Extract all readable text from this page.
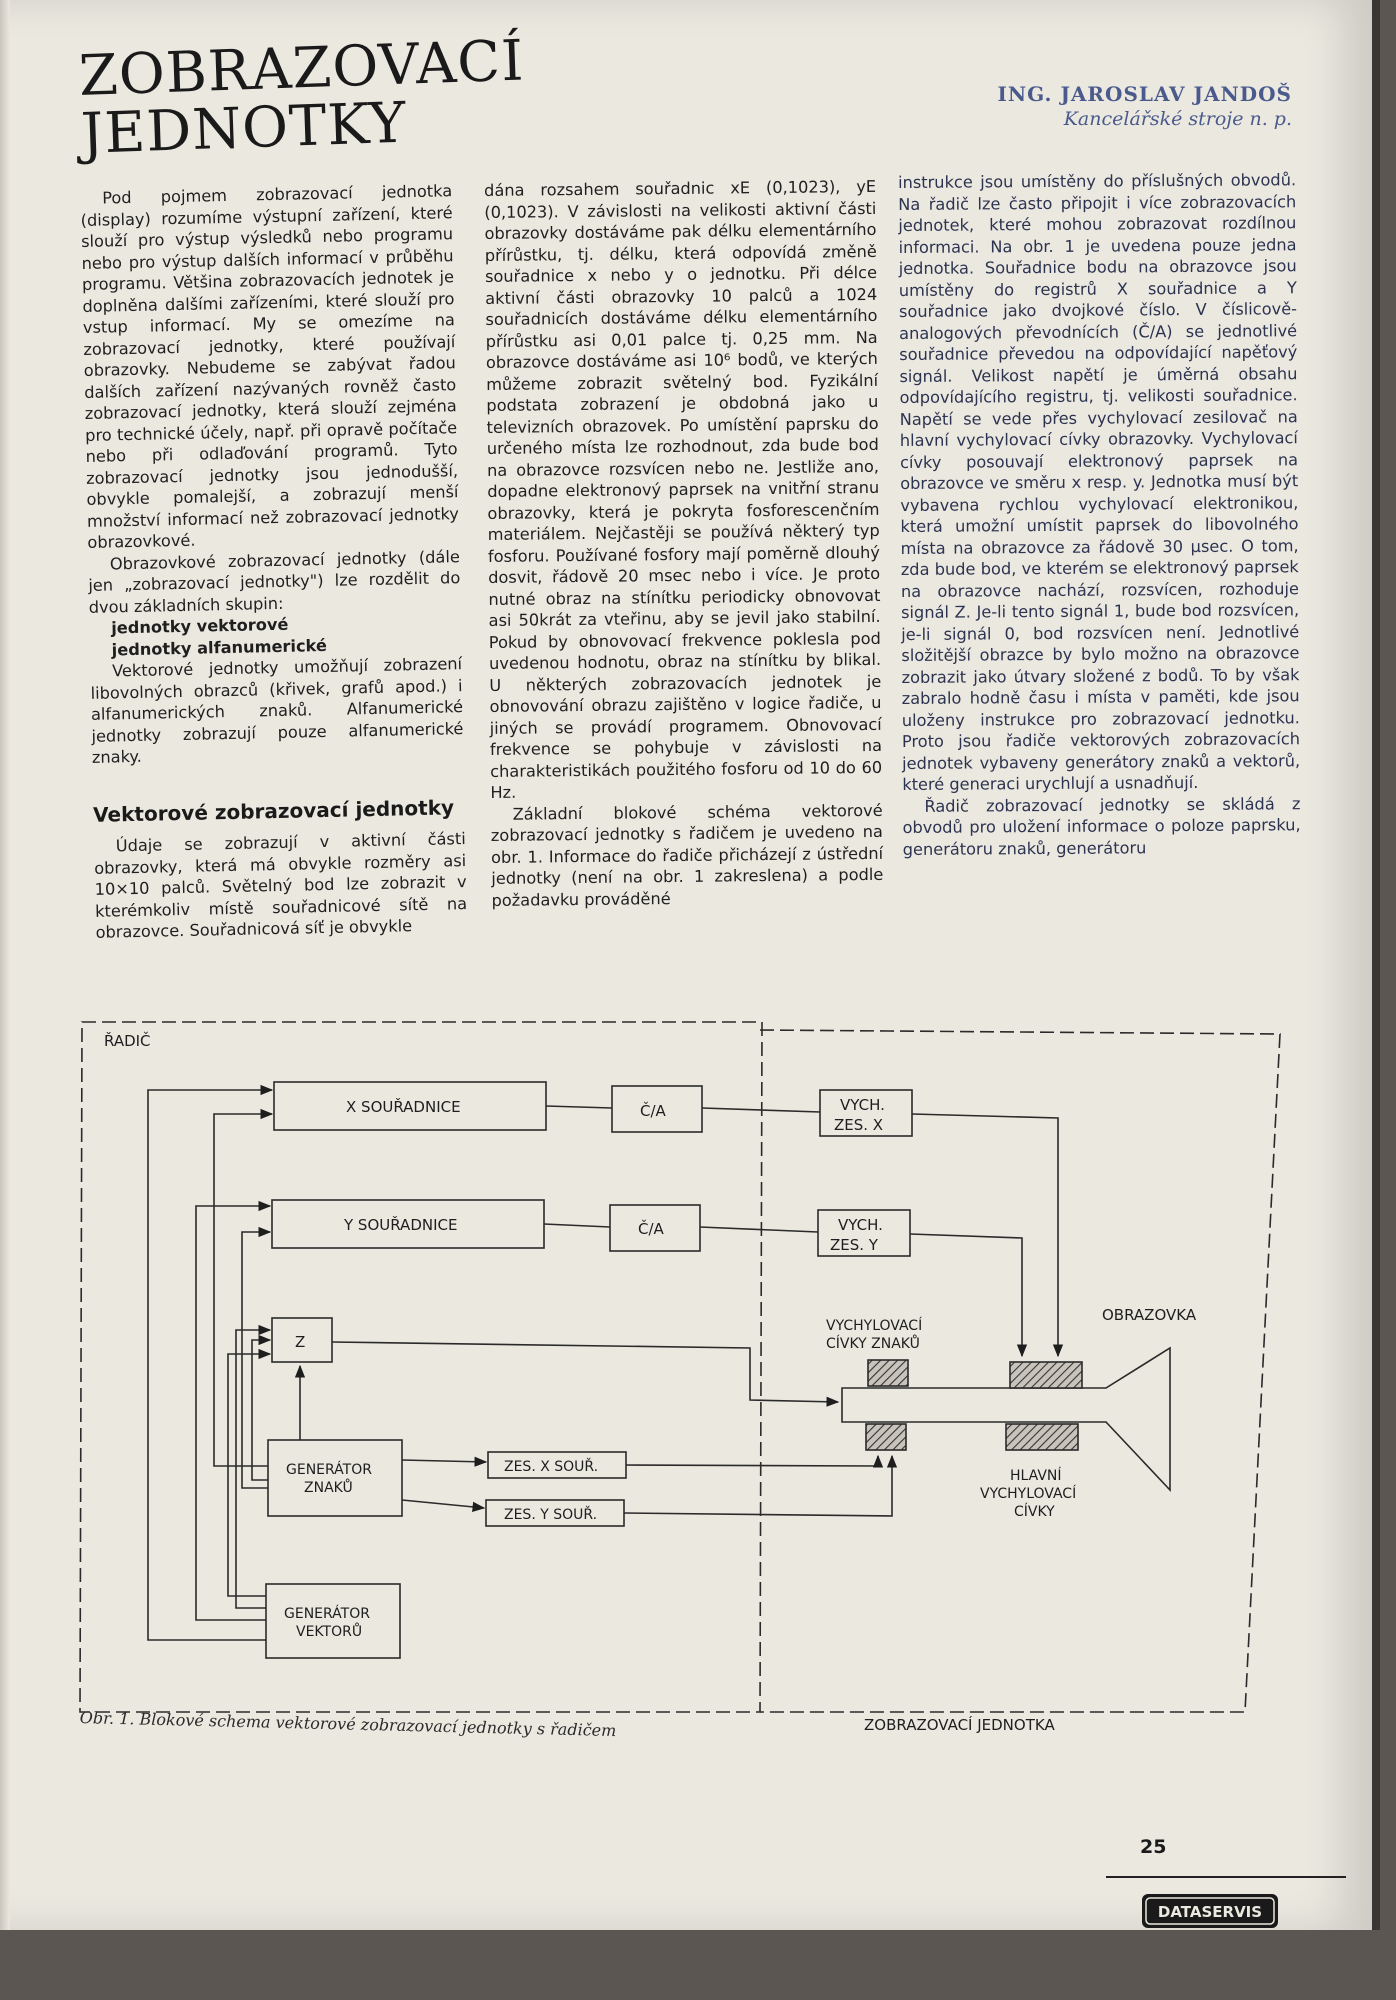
ZOBRAZOVACÍ
JEDNOTKY	ING. JAROSLAV JANDOŠ
Kancelářské stroje n. p.

Pod pojmem zobrazovací jednotka (display) rozumíme výstupní zařízení, které slouží pro výstup výsledků nebo programu nebo pro výstup dalších informací v průběhu programu. Většina zobrazovacích jednotek je doplněna dalšími zařízeními, které slouží pro vstup informací. My se omezíme na zobrazovací jednotky, které používají obrazovky. Nebudeme se zabývat řadou dalších zařízení nazývaných rovněž často zobrazovací jednotky, která slouží zejména pro technické účely, např. při opravě počítače nebo při odlaďování programů. Tyto zobrazovací jednotky jsou jednodušší, obvykle pomalejší, a zobrazují menší množství informací než zobrazovací jednotky obrazovkové.

Obrazovkové zobrazovací jednotky (dále jen „zobrazovací jednotky") lze rozdělit do dvou základních skupin:

jednotky vektorové
jednotky alfanumerické

Vektorové jednotky umožňují zobrazení libovolných obrazců (křivek, grafů apod.) i alfanumerických znaků. Alfanumerické jednotky zobrazují pouze alfanumerické znaky.

Vektorové zobrazovací jednotky

Údaje se zobrazují v aktivní části obrazovky, která má obvykle rozměry asi 10×10 palců. Světelný bod lze zobrazit v kterémkoliv místě souřadnicové sítě na obrazovce. Souřadnicová síť je obvykle

dána rozsahem souřadnic xE (0,1023), yE (0,1023). V závislosti na velikosti aktivní části obrazovky dostáváme pak délku elementárního přírůstku, tj. délku, která odpovídá změně souřadnice x nebo y o jednotku. Při délce aktivní části obrazovky 10 palců a 1024 souřadnicích dostáváme délku elementárního přírůstku asi 0,01 palce tj. 0,25 mm. Na obrazovce dostáváme asi 10⁶ bodů, ve kterých můžeme zobrazit světelný bod. Fyzikální podstata zobrazení je obdobná jako u televizních obrazovek. Po umístění paprsku do určeného místa lze rozhodnout, zda bude bod na obrazovce rozsvícen nebo ne. Jestliže ano, dopadne elektronový paprsek na vnitřní stranu obrazovky, která je pokryta fosforescenčním materiálem. Nejčastěji se používá některý typ fosforu. Používané fosfory mají poměrně dlouhý dosvit, řádově 20 msec nebo i více. Je proto nutné obraz na stínítku periodicky obnovovat asi 50krát za vteřinu, aby se jevil jako stabilní. Pokud by obnovovací frekvence poklesla pod uvedenou hodnotu, obraz na stínítku by blikal. U některých zobrazovacích jednotek je obnovování obrazu zajištěno v logice řadiče, u jiných se provádí programem. Obnovovací frekvence se pohybuje v závislosti na charakteristikách použitého fosforu od 10 do 60 Hz.

Základní blokové schéma vektorové zobrazovací jednotky s řadičem je uvedeno na obr. 1. Informace do řadiče přicházejí z ústřední jednotky (není na obr. 1 zakreslena) a podle požadavku prováděné

instrukce jsou umístěny do příslušných obvodů. Na řadič lze často připojit i více zobrazovacích jednotek, které mohou zobrazovat rozdílnou informaci. Na obr. 1 je uvedena pouze jedna jednotka. Souřadnice bodu na obrazovce jsou umístěny do registrů X souřadnice a Y souřadnice jako dvojkové číslo. V číslicově-analogových převodnících (Č/A) se jednotlivé souřadnice převedou na odpovídající napěťový signál. Velikost napětí je úměrná obsahu odpovídajícího registru, tj. velikosti souřadnice. Napětí se vede přes vychylovací zesilovač na hlavní vychylovací cívky obrazovky. Vychylovací cívky posouvají elektronový paprsek na obrazovce ve směru x resp. y. Jednotka musí být vybavena rychlou vychylovací elektronikou, která umožní umístit paprsek do libovolného místa na obrazovce za řádově 30 µsec. O tom, zda bude bod, ve kterém se elektronový paprsek na obrazovce nachází, rozsvícen, rozhoduje signál Z. Je-li tento signál 1, bude bod rozsvícen, je-li signál 0, bod rozsvícen není. Jednotlivé složitější obrazce by bylo možno na obrazovce zobrazit jako útvary složené z bodů. To by však zabralo hodně času i místa v paměti, kde jsou uloženy instrukce pro zobrazovací jednotku. Proto jsou řadiče vektorových zobrazovacích jednotek vybaveny generátory znaků a vektorů, které generaci urychlují a usnadňují.

Řadič zobrazovací jednotky se skládá z obvodů pro uložení informace o poloze paprsku, generátoru znaků, generátoru

ŘADIČ
X SOUŘADNICE
Y SOUŘADNICE
Č/A
Č/A
VYCH.
ZES. X
VYCH.
ZES. Y
Z
GENERÁTOR
ZNAKŮ
GENERÁTOR
VEKTORŮ
ZES. X SOUŘ.
ZES. Y SOUŘ.
VYCHYLOVACÍ
CÍVKY ZNAKŮ
OBRAZOVKA
HLAVNÍ
VYCHYLOVACÍ
CÍVKY
ZOBRAZOVACÍ JEDNOTKA
Obr. 1. Blokové schema vektorové zobrazovací jednotky s řadičem
25
DATASERVIS
TESLA
